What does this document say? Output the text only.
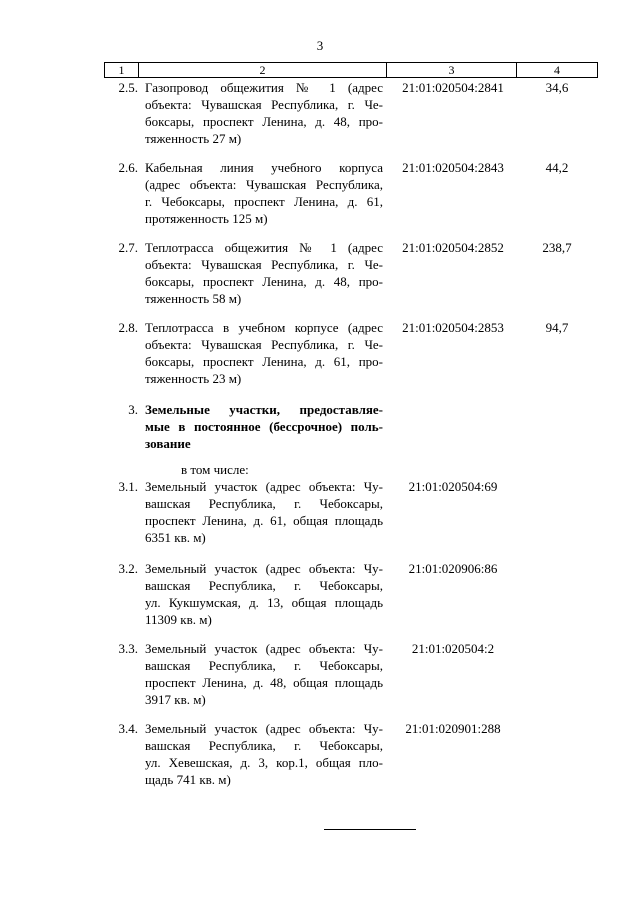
3
1	2	3	4
2.5. Газопровод общежития № 1 (адрес
объекта: Чувашская Республика, г. Че-
боксары, проспект Ленина, д. 48, про-
тяженность 27 м)
21:01:020504:2841	34,6
2.6. Кабельная линия учебного корпуса
(адрес объекта: Чувашская Республика,
г. Чебоксары, проспект Ленина, д. 61,
протяженность 125 м)
21:01:020504:2843	44,2
2.7. Теплотрасса общежития № 1 (адрес
объекта: Чувашская Республика, г. Че-
боксары, проспект Ленина, д. 48, про-
тяженность 58 м)
21:01:020504:2852	238,7
2.8. Теплотрасса в учебном корпусе (адрес
объекта: Чувашская Республика, г. Че-
боксары, проспект Ленина, д. 61, про-
тяженность 23 м)
21:01:020504:2853	94,7
3. Земельные участки, предоставляе-
мые в постоянное (бессрочное) поль-
зование
в том числе:
3.1. Земельный участок (адрес объекта: Чу-
вашская Республика, г. Чебоксары,
проспект Ленина, д. 61, общая площадь
6351 кв. м)
21:01:020504:69
3.2. Земельный участок (адрес объекта: Чу-
вашская Республика, г. Чебоксары,
ул. Кукшумская, д. 13, общая площадь
11309 кв. м)
21:01:020906:86
3.3. Земельный участок (адрес объекта: Чу-
вашская Республика, г. Чебоксары,
проспект Ленина, д. 48, общая площадь
3917 кв. м)
21:01:020504:2
3.4. Земельный участок (адрес объекта: Чу-
вашская Республика, г. Чебоксары,
ул. Хевешская, д. 3, кор.1, общая пло-
щадь 741 кв. м)
21:01:020901:288
